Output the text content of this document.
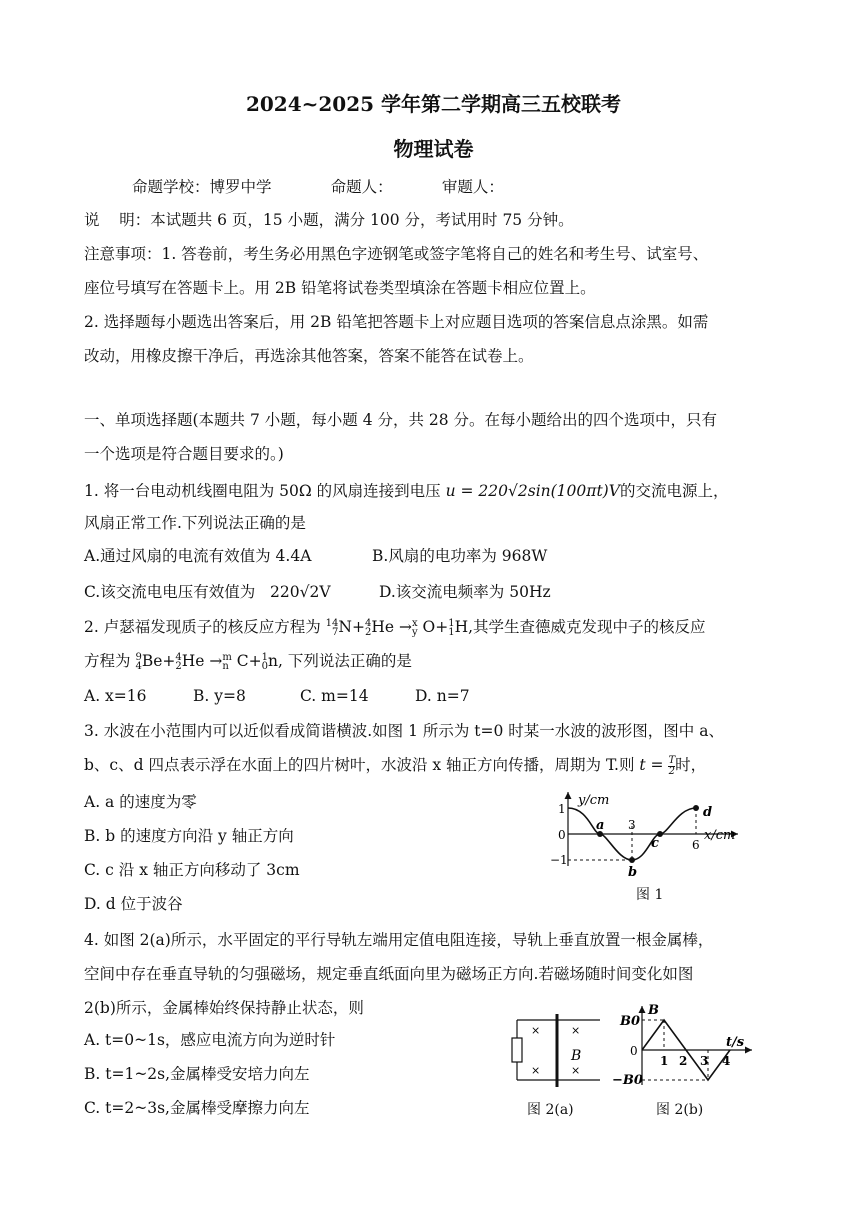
2024~2025 学年第二学期高三五校联考
物理试卷
命题学校：博罗中学            命题人：          审题人：
说    明：本试题共 6 页，15 小题，满分 100 分，考试用时 75 分钟。
注意事项：1. 答卷前，考生务必用黑色字迹钢笔或签字笔将自己的姓名和考生号、试室号、
座位号填写在答题卡上。用 2B 铅笔将试卷类型填涂在答题卡相应位置上。
2. 选择题每小题选出答案后，用 2B 铅笔把答题卡上对应题目选项的答案信息点涂黑。如需
改动，用橡皮擦干净后，再选涂其他答案，答案不能答在试卷上。
一、单项选择题(本题共 7 小题，每小题 4 分，共 28 分。在每小题给出的四个选项中，只有
一个选项是符合题目要求的。)
1. 将一台电动机线圈电阻为 50Ω 的风扇连接到电压 u = 220√2sin(100πt)V的交流电源上，
风扇正常工作.下列说法正确的是
A.通过风扇的电流有效值为 4.4A	B.风扇的电功率为 968W
C.该交流电电压有效值为   220√2V	D.该交流电频率为 50Hz
2. 卢瑟福发现质子的核反应方程为 14
7N+4
2He →x
y O+1
1H,其学生查德威克发现中子的核反应
方程为 9
4Be+4
2He →m
n C+1
0n, 下列说法正确的是
A. x=16	B. y=8	C. m=14	D. n=7
3. 水波在小范围内可以近似看成简谐横波.如图 1 所示为 t=0 时某一水波的波形图，图中 a、
b、c、d 四点表示浮在水面上的四片树叶，水波沿 x 轴正方向传播，周期为 T.则 $t = \frac{T}{2}$时，
A. a 的速度为零
B. b 的速度方向沿 y 轴正方向
C. c 沿 x 轴正方向移动了 3cm
D. d 位于波谷
y/cm
x/cm
1
−1
0
3
6
a
b
c
d
图 1
4. 如图 2(a)所示，水平固定的平行导轨左端用定值电阻连接，导轨上垂直放置一根金属棒，
空间中存在垂直导轨的匀强磁场，规定垂直纸面向里为磁场正方向.若磁场随时间变化如图
2(b)所示，金属棒始终保持静止状态，则
A. t=0~1s，感应电流方向为逆时针
B. t=1~2s,金属棒受安培力向左
C. t=2~3s,金属棒受摩擦力向左
×
×
×
×
B
图 2(a)
B0
−B0
B
0
t/s
1 2 3 4
图 2(b)
